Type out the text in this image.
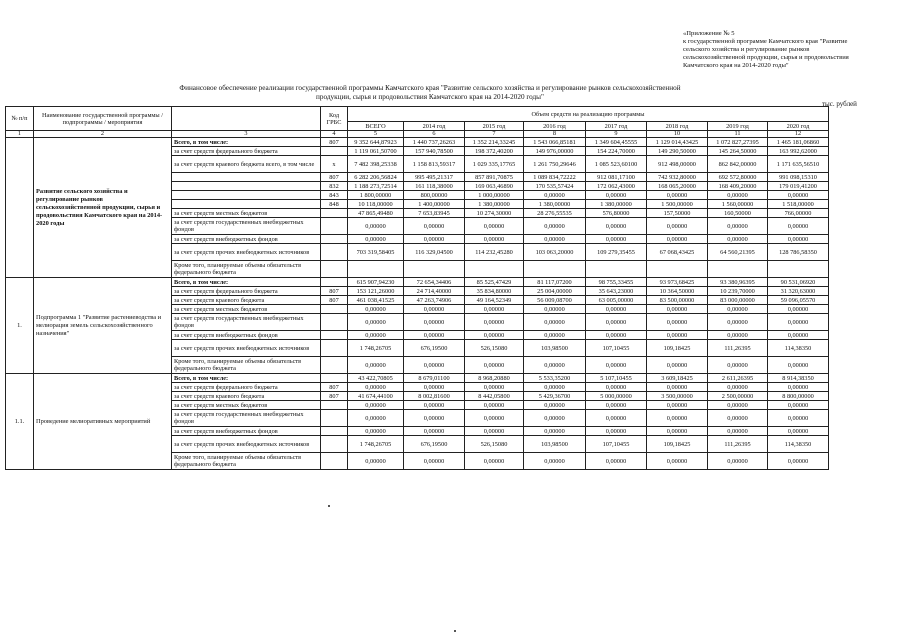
«Приложение № 5
к государственной программе Камчатского края "Развитие
сельского хозяйства и регулирование рынков
сельскохозяйственной продукции, сырья и продовольствия
Камчатского края на 2014-2020 годы"
Финансовое обеспечение реализации государственной программы Камчатского края "Развитие сельского хозяйства и регулирование рынков сельскохозяйственной
продукции, сырья и продовольствия Камчатского края на 2014-2020 годы"
тыс. рублей
№ п/п	Наименование государственной программы / подпрограммы / мероприятия		Код ГРБС	Объем средств на реализацию программы							
				ВСЕГО	2014 год	2015 год	2016 год	2017 год	2018 год	2019 год	2020 год
1	2	3	4	5	6	7	8	9	10	11	12
	Развитие сельского хозяйства и регулирование рынков сельскохозяйственной продукции, сырья и продовольствия Камчатского края на 2014-2020 годы	Всего, в том числе:	807	9 352 644,87923	1 440 737,26263	1 352 214,33245	1 543 066,85181	1 349 604,45555	1 129 014,43425	1 072 827,27395	1 465 181,06860
		за счет средств федерального бюджета		1 119 061,50700	157 940,78500	198 372,40200	149 976,00000	154 224,70000	149 290,50000	145 264,50000	163 992,62000
		за счет средств краевого бюджета всего, в том числе	х	7 482 398,25338	1 158 813,59317	1 029 335,17765	1 261 750,29646	1 085 523,60100	912 498,00000	862 842,00000	1 171 635,56510
			807	6 282 206,56824	995 495,21317	857 891,70875	1 089 834,72222	912 081,17100	742 932,80000	692 572,80000	991 098,15310
			832	1 188 273,72514	161 118,38000	169 063,46890	170 535,57424	172 062,43000	168 065,20000	168 409,20000	179 019,41200
			843	1 800,00000	800,00000	1 000,00000	0,00000	0,00000	0,00000	0,00000	0,00000
			848	10 118,00000	1 400,00000	1 380,00000	1 380,00000	1 380,00000	1 500,00000	1 560,00000	1 518,00000
		за счет средств местных бюджетов		47 865,49480	7 653,83945	10 274,30000	28 276,55535	576,80000	157,50000	160,50000	766,00000
		за счет средств государственных внебюджетных фондов		0,00000	0,00000	0,00000	0,00000	0,00000	0,00000	0,00000	0,00000
		за счет средств внебюджетных фондов		0,00000	0,00000	0,00000	0,00000	0,00000	0,00000	0,00000	0,00000
		за счет средств прочих внебюджетных источников		703 319,58405	116 329,04500	114 232,45280	103 063,20000	109 279,35455	67 068,43425	64 560,21395	128 786,58350
		Кроме того, планируемые объемы обязательств федерального бюджета									
1.	Подпрограмма 1 "Развитие растениеводства и мелиорация земель сельскохозяйственного назначения"	Всего, в том числе:		615 907,94230	72 654,34406	85 525,47429	81 117,07200	98 755,33455	93 973,68425	93 380,96395	90 531,06920
		за счет средств федерального бюджета	807	153 121,26000	24 714,40000	35 834,80000	25 004,00000	35 643,23000	10 364,50000	10 239,70000	31 320,63000
		за счет средств краевого бюджета	807	461 038,41525	47 263,74906	49 164,52349	56 009,08700	63 005,00000	83 500,00000	83 000,00000	59 096,05570
		за счет средств местных бюджетов		0,00000	0,00000	0,00000	0,00000	0,00000	0,00000	0,00000	0,00000
		за счет средств государственных внебюджетных фондов		0,00000	0,00000	0,00000	0,00000	0,00000	0,00000	0,00000	0,00000
		за счет средств внебюджетных фондов		0,00000	0,00000	0,00000	0,00000	0,00000	0,00000	0,00000	0,00000
		за счет средств прочих внебюджетных источников		1 748,26705	676,19500	526,15080	103,98500	107,10455	109,18425	111,26395	114,38350
		Кроме того, планируемые объемы обязательств федерального бюджета		0,00000	0,00000	0,00000	0,00000	0,00000	0,00000	0,00000	0,00000
1.1.	Проведение мелиоративных мероприятий	Всего, в том числе:		43 422,70805	8 679,01100	8 968,20880	5 533,35200	5 107,10455	3 609,18425	2 611,26395	8 914,38350
		за счет средств федерального бюджета	807	0,00000	0,00000	0,00000	0,00000	0,00000	0,00000	0,00000	0,00000
		за счет средств краевого бюджета	807	41 674,44100	8 002,81600	8 442,05800	5 429,36700	5 000,00000	3 500,00000	2 500,00000	8 800,00000
		за счет средств местных бюджетов		0,00000	0,00000	0,00000	0,00000	0,00000	0,00000	0,00000	0,00000
		за счет средств государственных внебюджетных фондов		0,00000	0,00000	0,00000	0,00000	0,00000	0,00000	0,00000	0,00000
		за счет средств внебюджетных фондов		0,00000	0,00000	0,00000	0,00000	0,00000	0,00000	0,00000	0,00000
		за счет средств прочих внебюджетных источников		1 748,26705	676,19500	526,15080	103,98500	107,10455	109,18425	111,26395	114,38350
		Кроме того, планируемые объемы обязательств федерального бюджета		0,00000	0,00000	0,00000	0,00000	0,00000	0,00000	0,00000	0,00000
